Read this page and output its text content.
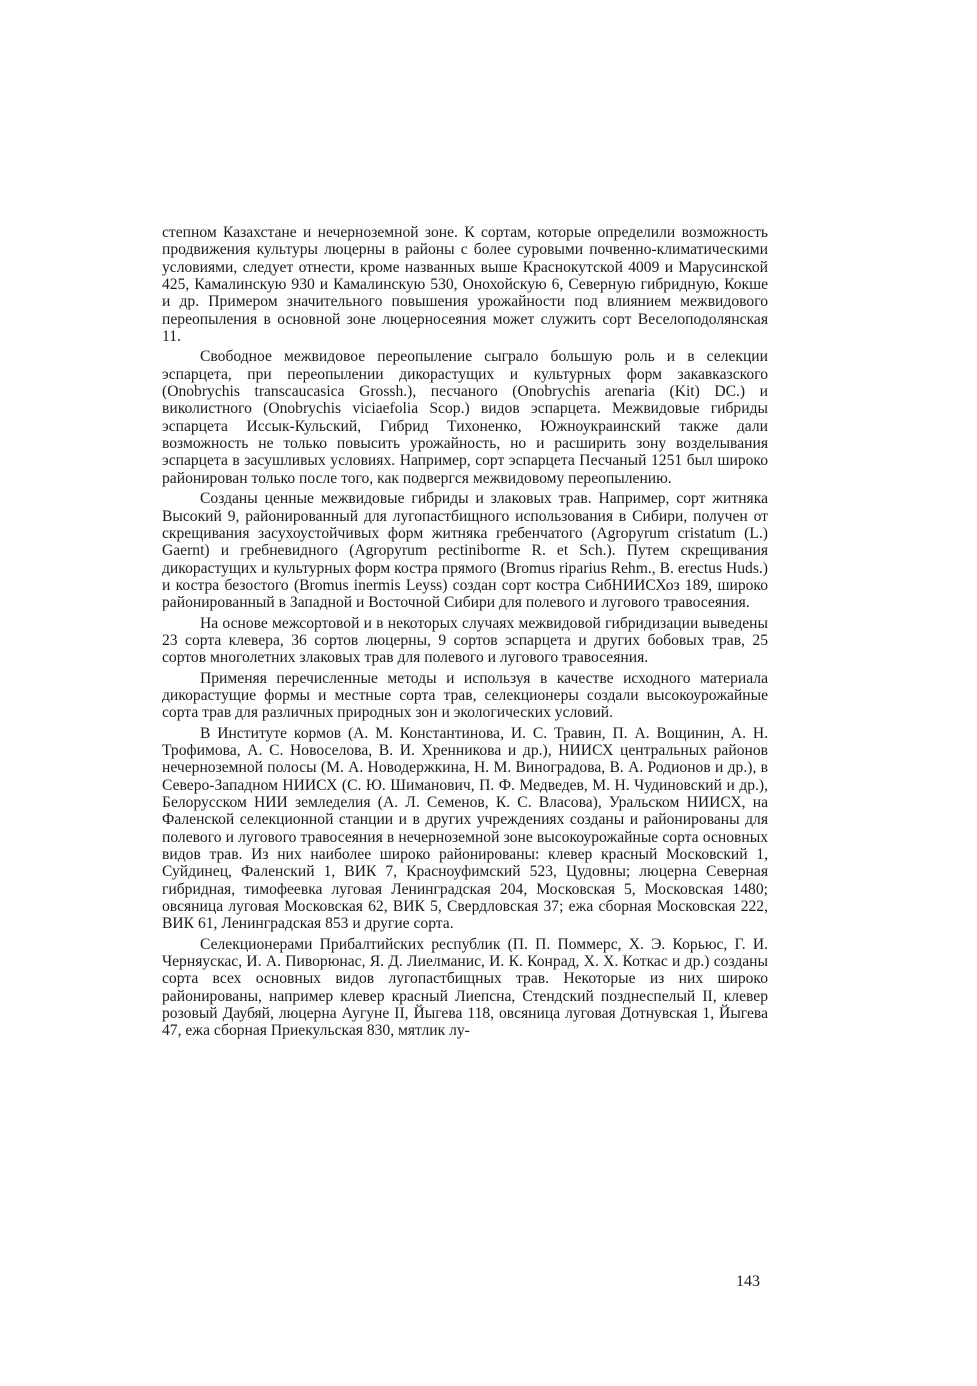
степном Казахстане и нечерноземной зоне. К сортам, которые определили возможность продвижения культуры люцерны в районы с более суровыми почвенно-климатическими условиями, следует отнести, кроме названных выше Краснокутской 4009 и Марусинской 425, Камалинскую 930 и Камалинскую 530, Онохойскую 6, Северную гибридную, Кокше и др. Примером значительного повышения урожайности под влиянием межвидового переопыления в основной зоне люцерносеяния может служить сорт Веселоподолянская 11.

Свободное межвидовое переопыление сыграло большую роль и в селекции эспарцета, при переопылении дикорастущих и культурных форм закавказского (Onobrychis transcaucasica Grossh.), песчаного (Onobrychis arenaria (Kit) DC.) и виколистного (Onobrychis viciaefolia Scop.) видов эспарцета. Межвидовые гибриды эспарцета Иссык-Кульский, Гибрид Тихоненко, Южноукраинский также дали возможность не только повысить урожайность, но и расширить зону возделывания эспарцета в засушливых условиях. Например, сорт эспарцета Песчаный 1251 был широко районирован только после того, как подвергся межвидовому переопылению.

Созданы ценные межвидовые гибриды и злаковых трав. Например, сорт житняка Высокий 9, районированный для лугопастбищного использования в Сибири, получен от скрещивания засухоустойчивых форм житняка гребенчатого (Agropyrum cristatum (L.) Gaernt) и гребневидного (Agropyrum pectiniborme R. et Sch.). Путем скрещивания дикорастущих и культурных форм костра прямого (Bromus riparius Rehm., B. erectus Huds.) и костра безостого (Bromus inermis Leyss) создан сорт костра СибНИИСХоз 189, широко районированный в Западной и Восточной Сибири для полевого и лугового травосеяния.

На основе межсортовой и в некоторых случаях межвидовой гибридизации выведены 23 сорта клевера, 36 сортов люцерны, 9 сортов эспарцета и других бобовых трав, 25 сортов многолетних злаковых трав для полевого и лугового травосеяния.

Применяя перечисленные методы и используя в качестве исходного материала дикорастущие формы и местные сорта трав, селекционеры создали высокоурожайные сорта трав для различных природных зон и экологических условий.

В Институте кормов (А. М. Константинова, И. С. Травин, П. А. Вощинин, А. Н. Трофимова, А. С. Новоселова, В. И. Хренникова и др.), НИИСХ центральных районов нечерноземной полосы (М. А. Новодержкина, Н. М. Виноградова, В. А. Родионов и др.), в Северо-Западном НИИСХ (С. Ю. Шиманович, П. Ф. Медведев, М. Н. Чудиновский и др.), Белорусском НИИ земледелия (А. Л. Семенов, К. С. Власова), Уральском НИИСХ, на Фаленской селекционной станции и в других учреждениях созданы и районированы для полевого и лугового травосеяния в нечерноземной зоне высокоурожайные сорта основных видов трав. Из них наиболее широко районированы: клевер красный Московский 1, Суйдинец, Фаленский 1, ВИК 7, Красноуфимский 523, Цудовны; люцерна Северная гибридная, тимофеевка луговая Ленинградская 204, Московская 5, Московская 1480; овсяница луговая Московская 62, ВИК 5, Свердловская 37; ежа сборная Московская 222, ВИК 61, Ленинградская 853 и другие сорта.

Селекционерами Прибалтийских республик (П. П. Поммерс, Х. Э. Корьюс, Г. И. Черняускас, И. А. Пиворюнас, Я. Д. Лиелманис, И. К. Конрад, Х. Х. Коткас и др.) созданы сорта всех основных видов лугопастбищных трав. Некоторые из них широко районированы, например клевер красный Лиепсна, Стендский позднеспелый II, клевер розовый Даубяй, люцерна Аугуне II, Йыгева 118, овсяница луговая Дотнувская 1, Йыгева 47, ежа сборная Приекульская 830, мятлик лу-

143
